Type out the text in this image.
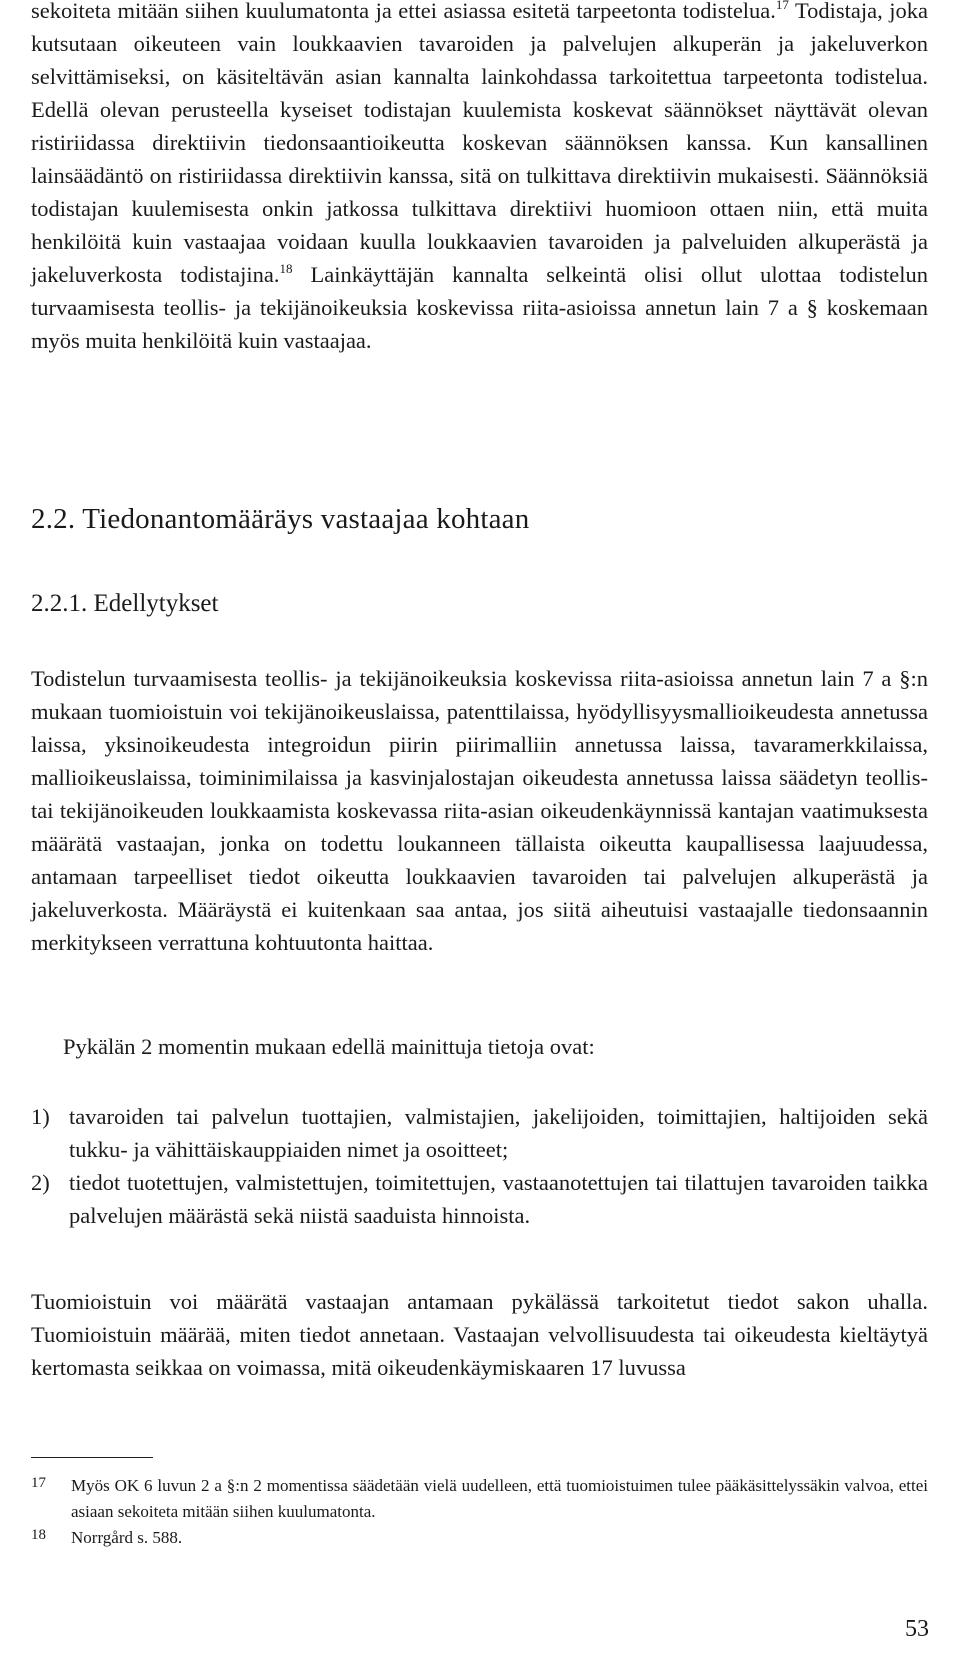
sekoiteta mitään siihen kuulumatonta ja ettei asiassa esitetä tarpeetonta todistelua.$^{17}$ Todistaja, joka kutsutaan oikeuteen vain loukkaavien tavaroiden ja palvelujen alkuperän ja jakeluverkon selvittämiseksi, on käsiteltävän asian kannalta lainkohdassa tarkoitettua tarpeetonta todistelua. Edellä olevan perusteella kyseiset todistajan kuulemista koskevat säännökset näyttävät olevan ristiriidassa direktiivin tiedonsaantioikeutta koskevan säännöksen kanssa. Kun kansallinen lainsäädäntö on ristiriidassa direktiivin kanssa, sitä on tulkittava direktiivin mukaisesti. Säännöksiä todistajan kuulemisesta onkin jatkossa tulkittava direktiivi huomioon ottaen niin, että muita henkilöitä kuin vastaajaa voidaan kuulla loukkaavien tavaroiden ja palveluiden alkuperästä ja jakeluverkosta todistajina.$^{18}$ Lainkäyttäjän kannalta selkeintä olisi ollut ulottaa todistelun turvaamisesta teollis- ja tekijänoikeuksia koskevissa riita-asioissa annetun lain 7 a § koskemaan myös muita henkilöitä kuin vastaajaa.

2.2. Tiedonantomääräys vastaajaa kohtaan
2.2.1. Edellytykset

Todistelun turvaamisesta teollis- ja tekijänoikeuksia koskevissa riita-asioissa annetun lain 7 a §:n mukaan tuomioistuin voi tekijänoikeuslaissa, patenttilaissa, hyödyllisyysmallioikeudesta annetussa laissa, yksinoikeudesta integroidun piirin piirimalliin annetussa laissa, tavaramerkkilaissa, mallioikeuslaissa, toiminimilaissa ja kasvinjalostajan oikeudesta annetussa laissa säädetyn teollis- tai tekijänoikeuden loukkaamista koskevassa riita-asian oikeudenkäynnissä kantajan vaatimuksesta määrätä vastaajan, jonka on todettu loukanneen tällaista oikeutta kaupallisessa laajuudessa, antamaan tarpeelliset tiedot oikeutta loukkaavien tavaroiden tai palvelujen alkuperästä ja jakeluverkosta. Määräystä ei kuitenkaan saa antaa, jos siitä aiheutuisi vastaajalle tiedonsaannin merkitykseen verrattuna kohtuutonta haittaa.

Pykälän 2 momentin mukaan edellä mainittuja tietoja ovat:

1) tavaroiden tai palvelun tuottajien, valmistajien, jakelijoiden, toimittajien, haltijoiden sekä tukku- ja vähittäiskauppiaiden nimet ja osoitteet;
2) tiedot tuotettujen, valmistettujen, toimitettujen, vastaanotettujen tai tilattujen tavaroiden taikka palvelujen määrästä sekä niistä saaduista hinnoista.

Tuomioistuin voi määrätä vastaajan antamaan pykälässä tarkoitetut tiedot sakon uhalla. Tuomioistuin määrää, miten tiedot annetaan. Vastaajan velvollisuudesta tai oikeudesta kieltäytyä kertomasta seikkaa on voimassa, mitä oikeudenkäymiskaaren 17 luvussa

17 Myös OK 6 luvun 2 a §:n 2 momentissa säädetään vielä uudelleen, että tuomioistuimen tulee pääkäsittelyssäkin valvoa, ettei asiaan sekoiteta mitään siihen kuulumatonta.
18 Norrgård s. 588.
53
